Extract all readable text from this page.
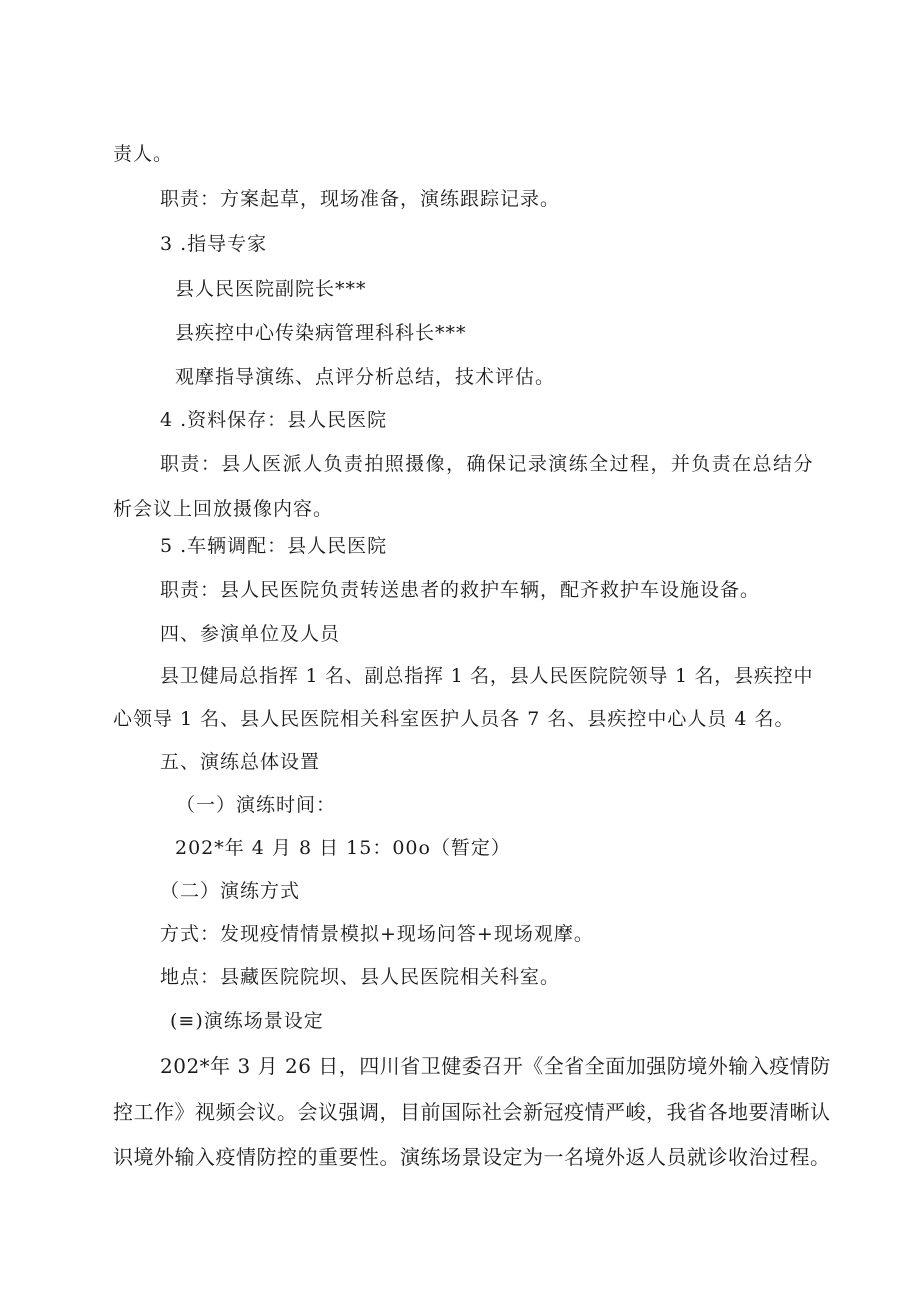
责人。
职责：方案起草，现场准备，演练跟踪记录。
3 .指导专家
县人民医院副院长***
县疾控中心传染病管理科科长***
观摩指导演练、点评分析总结，技术评估。
4 .资料保存：县人民医院
职责：县人医派人负责拍照摄像，确保记录演练全过程，并负责在总结分
析会议上回放摄像内容。
5 .车辆调配：县人民医院
职责：县人民医院负责转送患者的救护车辆，配齐救护车设施设备。
四、参演单位及人员
县卫健局总指挥 1 名、副总指挥 1 名，县人民医院院领导 1 名，县疾控中
心领导 1 名、县人民医院相关科室医护人员各 7 名、县疾控中心人员 4 名。
五、演练总体设置
（一）演练时间：
202*年 4 月 8 日 15：00o（暂定）
（二）演练方式
方式：发现疫情情景模拟+现场问答+现场观摩。
地点：县藏医院院坝、县人民医院相关科室。
(≡)演练场景设定
202*年 3 月 26 日，四川省卫健委召开《全省全面加强防境外输入疫情防
控工作》视频会议。会议强调，目前国际社会新冠疫情严峻，我省各地要清晰认
识境外输入疫情防控的重要性。演练场景设定为一名境外返人员就诊收治过程。
